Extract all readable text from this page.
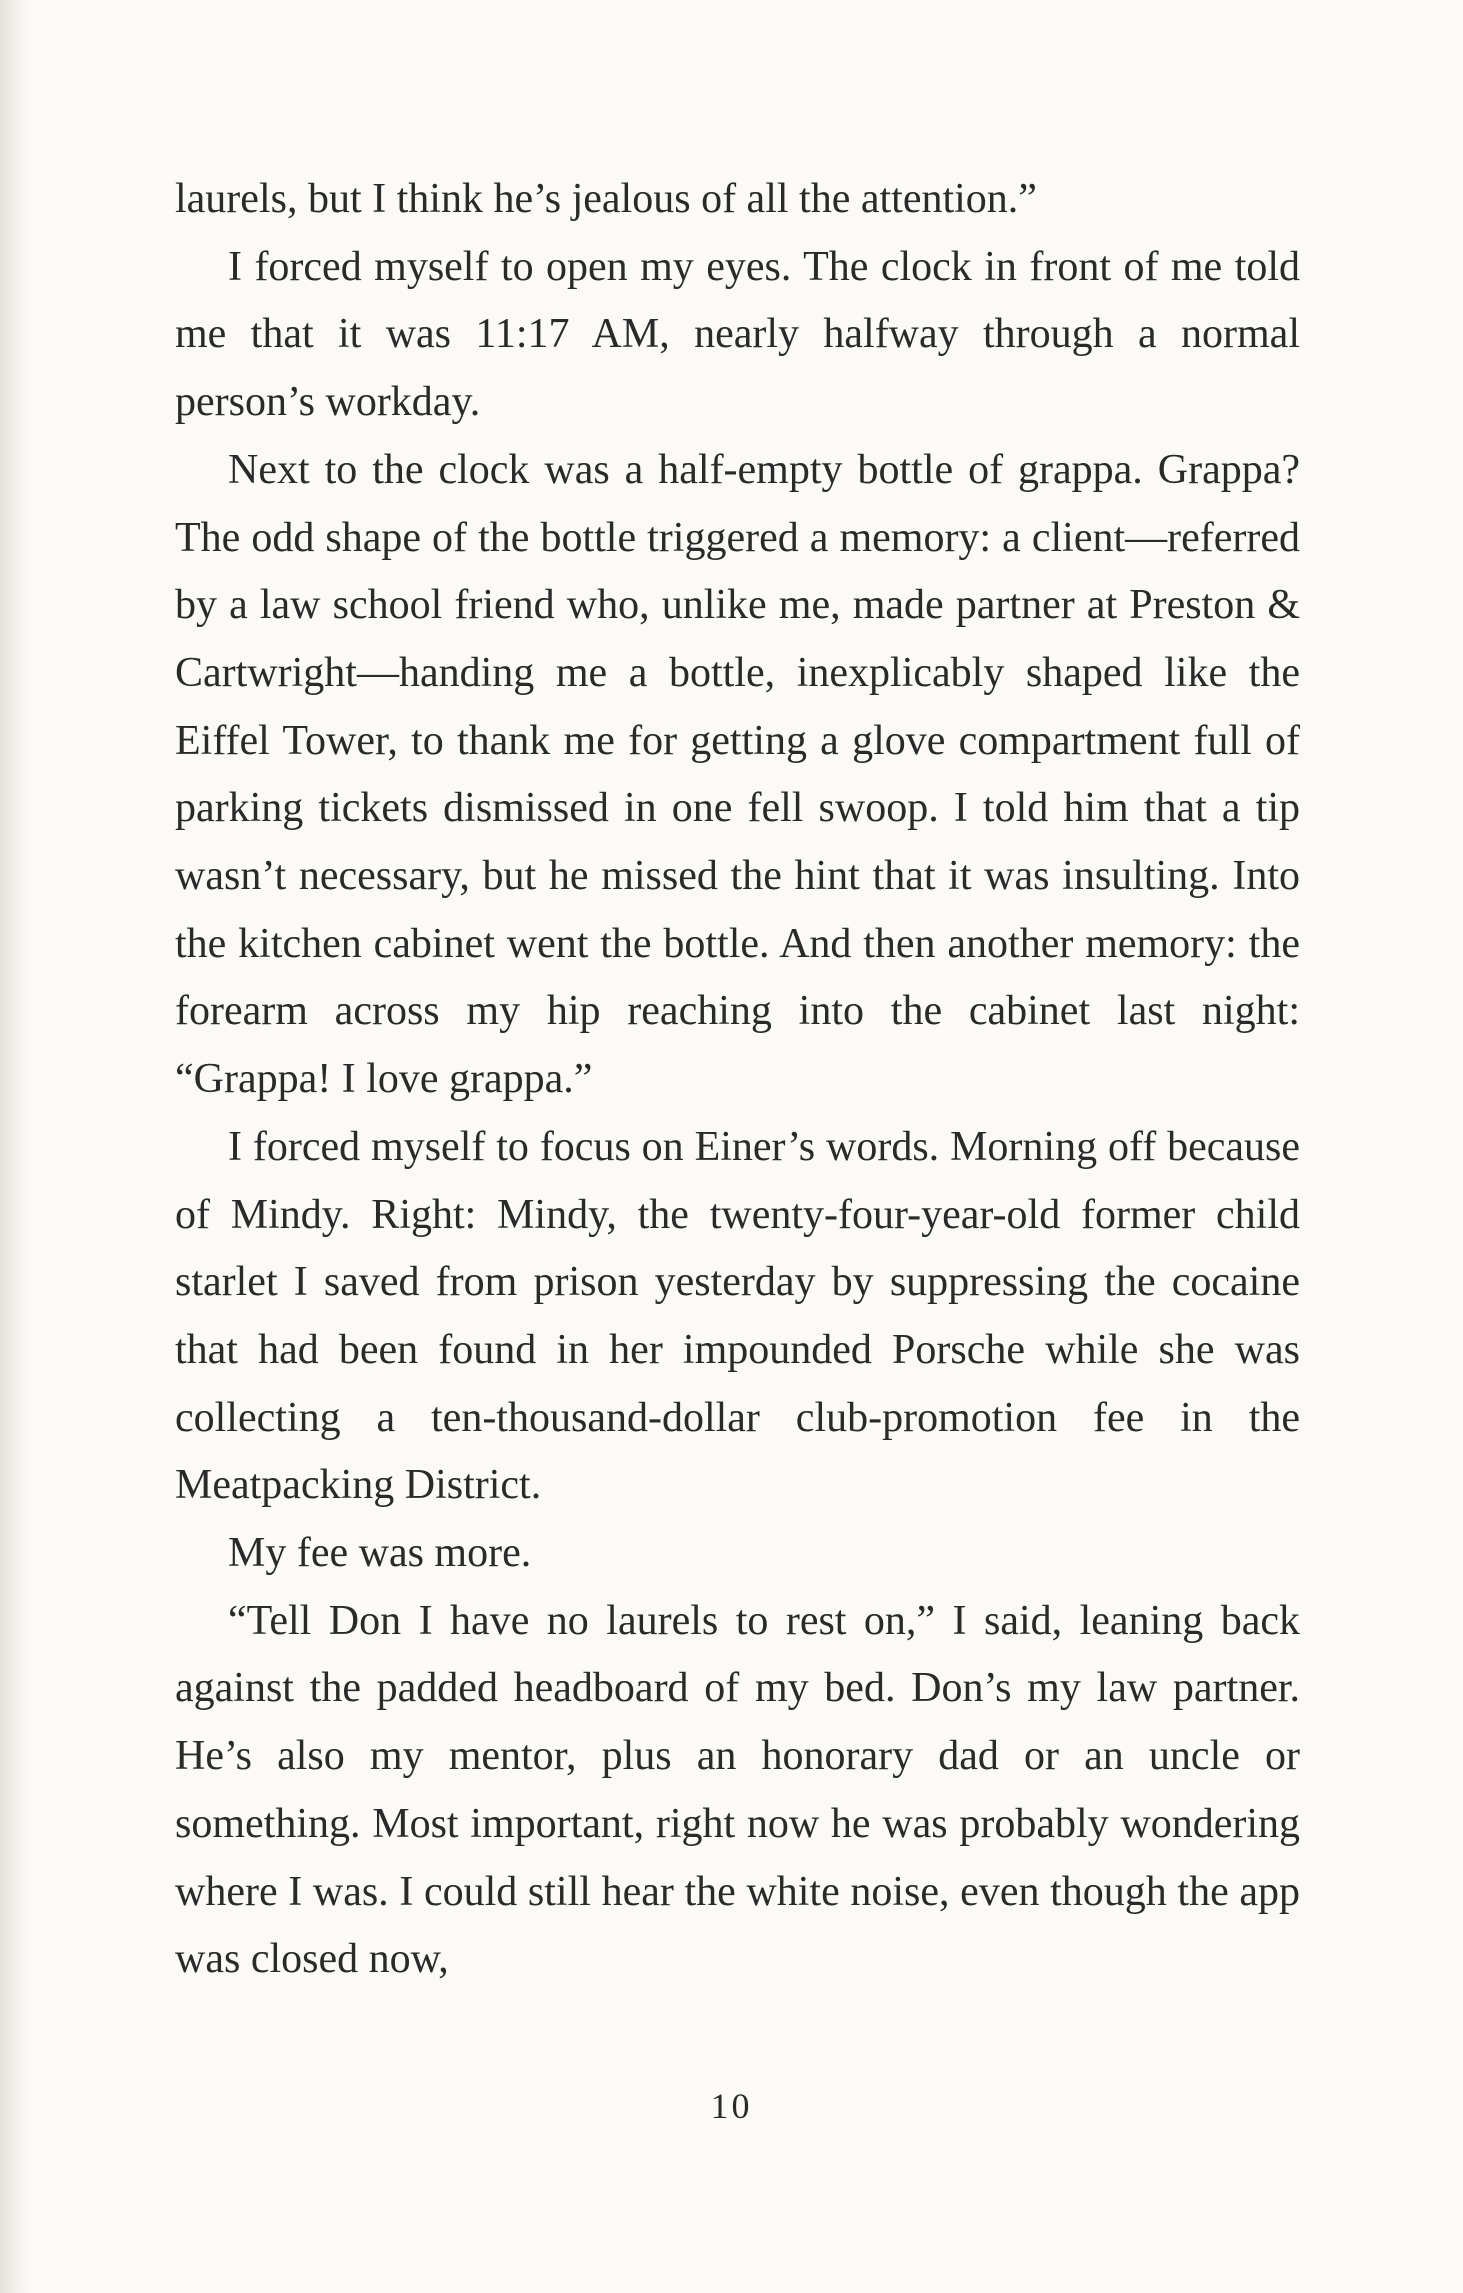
laurels, but I think he’s jealous of all the attention.”

I forced myself to open my eyes. The clock in front of me told me that it was 11:17 AM, nearly halfway through a normal person’s workday.

Next to the clock was a half-empty bottle of grappa. Grappa? The odd shape of the bottle triggered a memory: a client—referred by a law school friend who, unlike me, made partner at Preston & Cartwright—handing me a bottle, inexplicably shaped like the Eiffel Tower, to thank me for getting a glove compartment full of parking tickets dismissed in one fell swoop. I told him that a tip wasn’t necessary, but he missed the hint that it was insulting. Into the kitchen cabinet went the bottle. And then another memory: the forearm across my hip reaching into the cabinet last night: “Grappa! I love grappa.”

I forced myself to focus on Einer’s words. Morning off because of Mindy. Right: Mindy, the twenty-four-year-old former child starlet I saved from prison yesterday by suppressing the cocaine that had been found in her impounded Porsche while she was collecting a ten-thousand-dollar club-promotion fee in the Meatpacking District.

My fee was more.

“Tell Don I have no laurels to rest on,” I said, leaning back against the padded headboard of my bed. Don’s my law partner. He’s also my mentor, plus an honorary dad or an uncle or something. Most important, right now he was probably wondering where I was. I could still hear the white noise, even though the app was closed now,

10
